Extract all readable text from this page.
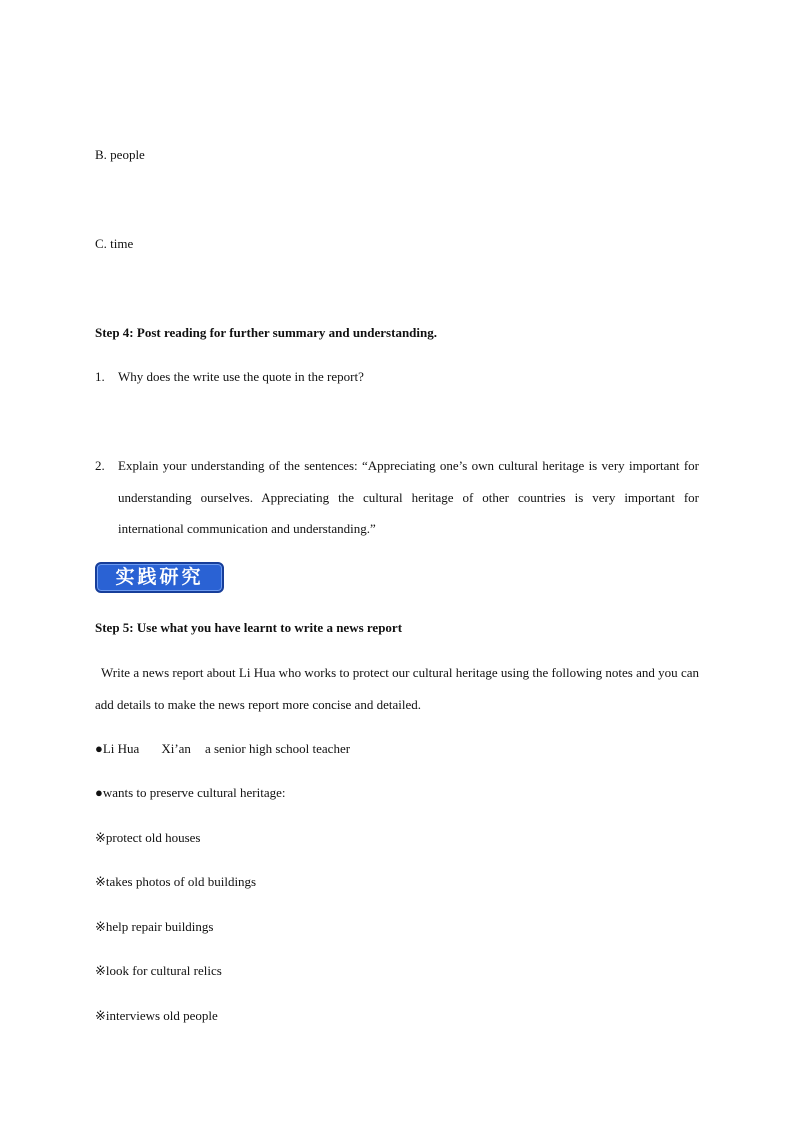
B. people
C. time
Step 4: Post reading for further summary and understanding.
1. Why does the write use the quote in the report?
2. Explain your understanding of the sentences: “Appreciating one’s own cultural heritage is very important for understanding ourselves. Appreciating the cultural heritage of other countries is very important for international communication and understanding.”
实践研究
Step 5: Use what you have learnt to write a news report
Write a news report about Li Hua who works to protect our cultural heritage using the following notes and you can add details to make the news report more concise and detailed.
●Li Hua Xi’an a senior high school teacher
●wants to preserve cultural heritage:
※protect old houses
※takes photos of old buildings
※help repair buildings
※look for cultural relics
※interviews old people
